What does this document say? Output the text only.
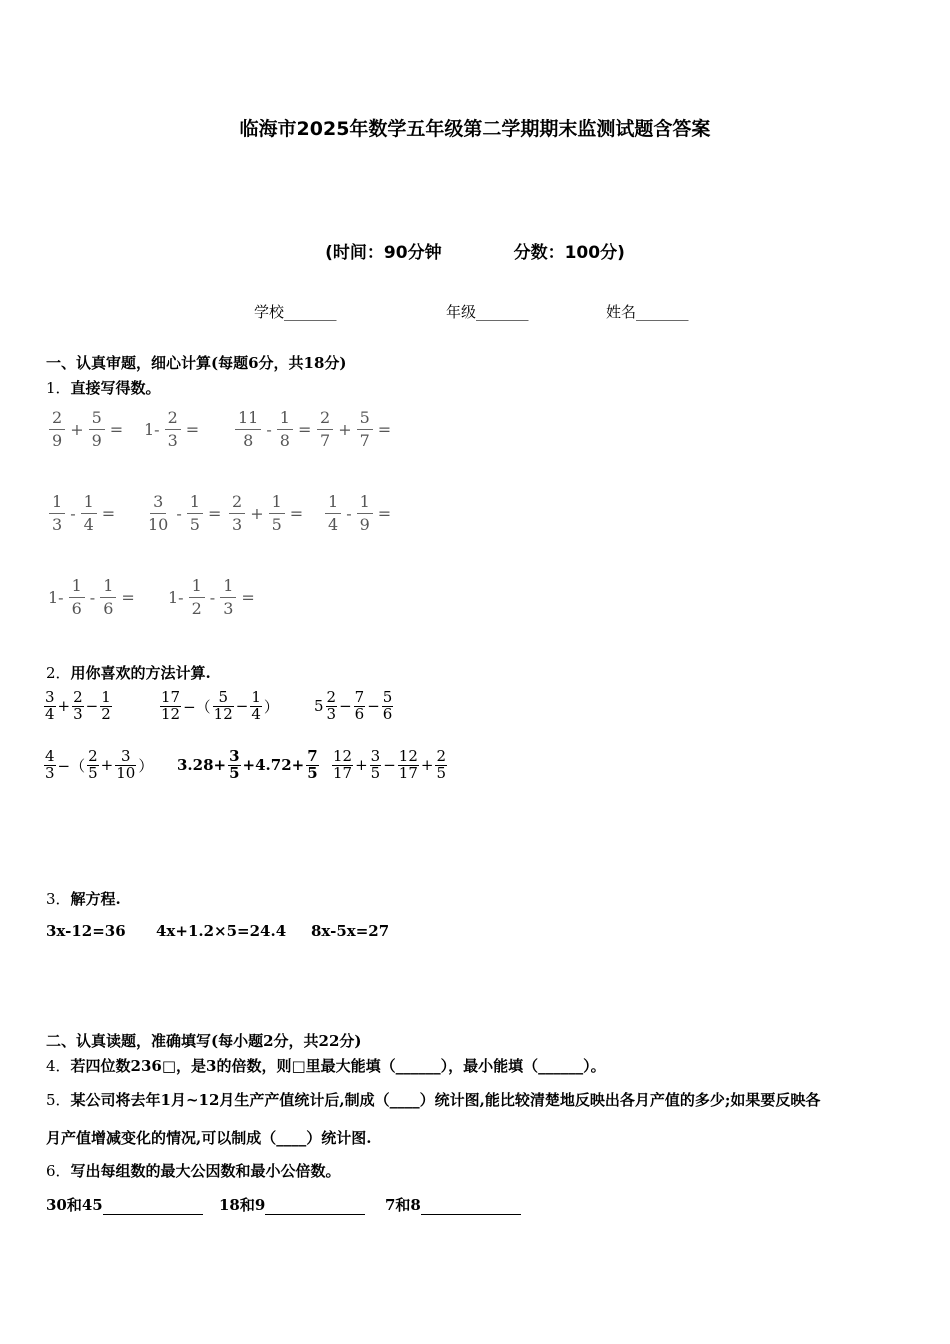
临海市2025年数学五年级第二学期期末监测试题含答案
(时间：90分钟	分数：100分)
学校_______	年级_______	姓名_______
一、认真审题，细心计算(每题6分，共18分)
1．直接写得数。
$\frac{2}{9} + \frac{5}{9} = 1- \frac{2}{3} = \frac{11}{8} - \frac{1}{8} = \frac{2}{7} + \frac{5}{7}$ =
$\frac{1}{3} - \frac{1}{4} = \frac{3}{10} - \frac{1}{5} = \frac{2}{3} + \frac{1}{5} = \frac{1}{4} - \frac{1}{9}$ =
$1- \frac{1}{6} - \frac{1}{6} = 1- \frac{1}{2} - \frac{1}{3}$ =
2．用你喜欢的方法计算.
$\frac{3}{4} + \frac{2}{3} - \frac{1}{2}$	$\frac{17}{12}$ −（ $\frac{5}{12} - \frac{1}{4}$ ） $5 \frac{2}{3} - \frac{7}{6} - \frac{5}{6}$
$\frac{4}{3}$ −（ $\frac{2}{5} + \frac{3}{10}$ ） $3.28+ \frac{3}{5} +4.72+ \frac{7}{5} \frac{12}{17} + \frac{3}{5} - \frac{12}{17} + \frac{2}{5}$
3．解方程.
3x-12=36 4x+1.2×5=24.4 8x-5x=27
二、认真读题，准确填写(每小题2分，共22分)
4．若四位数236□，是3的倍数，则□里最大能填（______），最小能填（______）。
5．某公司将去年1月~12月生产产值统计后,制成（____）统计图,能比较清楚地反映出各月产值的多少;如果要反映各
月产值增减变化的情况,可以制成（____）统计图.
6．写出每组数的最大公因数和最小公倍数。
30和45	18和9	7和8
